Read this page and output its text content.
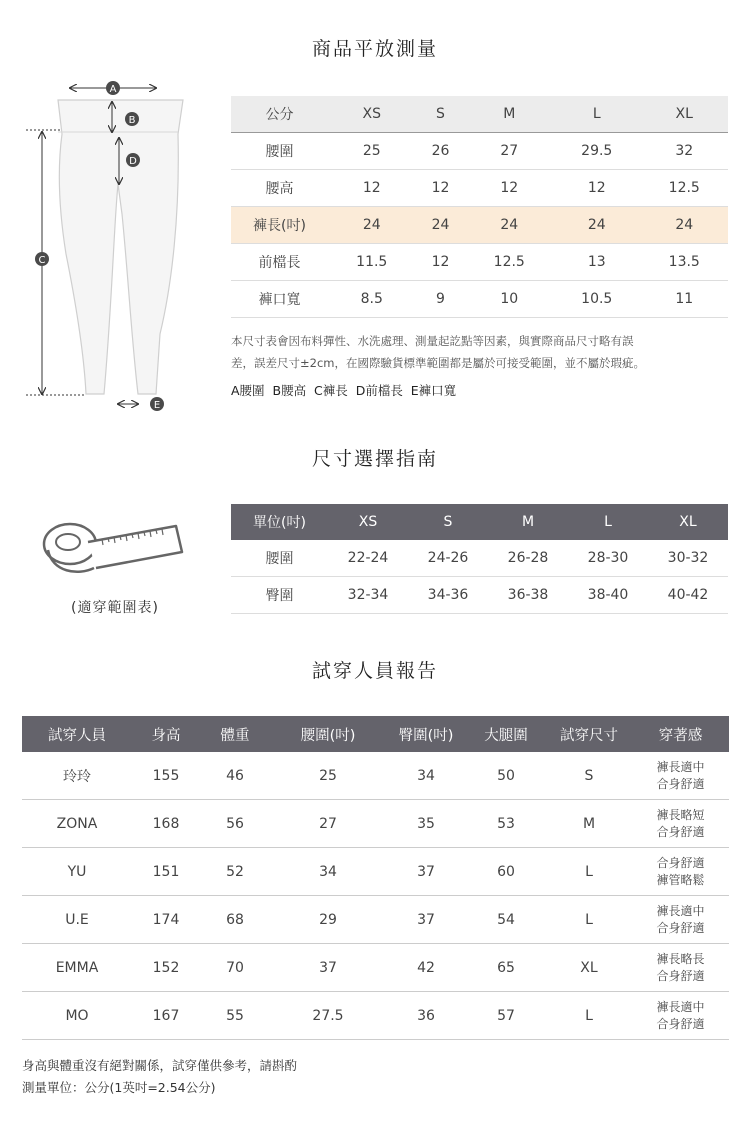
商品平放測量
A
B
C
D
E
公分	XS	S	M	L	XL
腰圍	25	26	27	29.5	32
腰高	12	12	12	12	12.5
褲長(吋)	24	24	24	24	24
前檔長	11.5	12	12.5	13	13.5
褲口寬	8.5	9	10	10.5	11
本尺寸表會因布料彈性、水洗處理、測量起訖點等因素，與實際商品尺寸略有誤
差，誤差尺寸±2cm，在國際驗貨標準範圍都是屬於可接受範圍，並不屬於瑕疵。
A腰圍  B腰高  C褲長  D前檔長  E褲口寬
尺寸選擇指南
(適穿範圍表)
單位(吋)	XS	S	M	L	XL
腰圍	22-24	24-26	26-28	28-30	30-32
臀圍	32-34	34-36	36-38	38-40	40-42
試穿人員報告
試穿人員	身高	體重	腰圍(吋)	臀圍(吋)	大腿圍	試穿尺寸	穿著感
玲玲	155	46	25	34	50	S	褲長適中
合身舒適

ZONA	168	56	27	35	53	M	褲長略短
合身舒適

YU	151	52	34	37	60	L	合身舒適
褲管略鬆

U.E	174	68	29	37	54	L	褲長適中
合身舒適

EMMA	152	70	37	42	65	XL	褲長略長
合身舒適

MO	167	55	27.5	36	57	L	褲長適中
合身舒適
身高與體重沒有絕對關係，試穿僅供參考，請斟酌
測量單位：公分(1英吋=2.54公分)
